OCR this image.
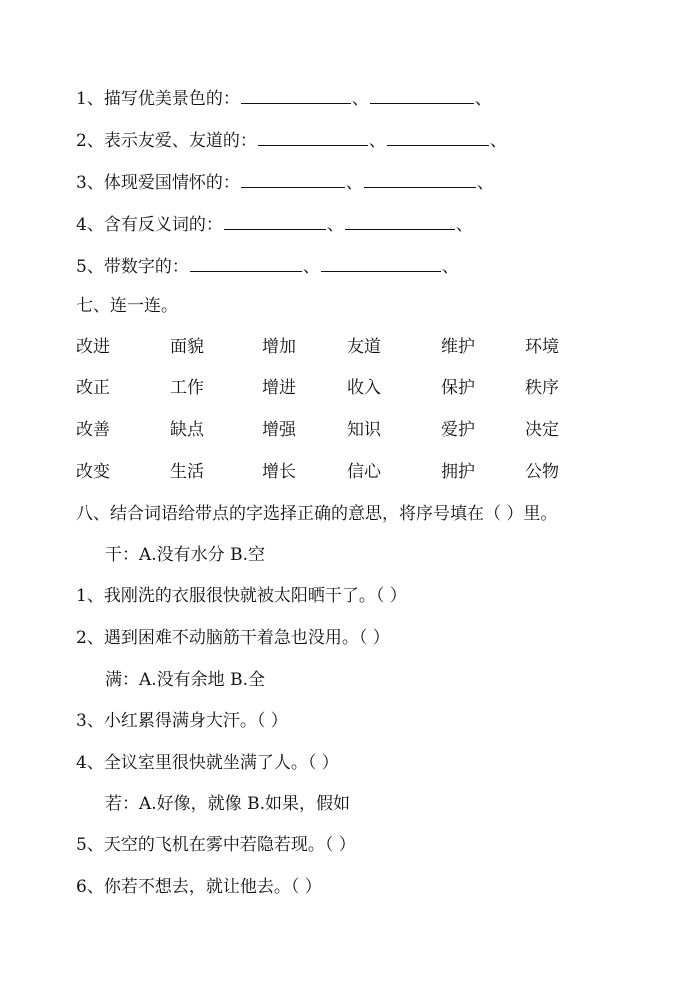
1、描写优美景色的：	、	、
2、表示友爱、友道的：	、	、
3、体现爱国情怀的：	、	、
4、含有反义词的：	、	、
5、带数字的：	、	、
七、连一连。
改进	面貌	增加	友道	维护	环境
改正	工作	增进	收入	保护	秩序
改善	缺点	增强	知识	爱护	决定
改变	生活	增长	信心	拥护	公物
八、结合词语给带点的字选择正确的意思，将序号填在（ ）里。
干：A.没有水分 B.空
1、我刚洗的衣服很快就被太阳晒干了。（ ）
2、遇到困难不动脑筋干着急也没用。（ ）
满：A.没有余地 B.全
3、小红累得满身大汗。（ ）
4、全议室里很快就坐满了人。（ ）
若：A.好像，就像 B.如果，假如
5、天空的飞机在雾中若隐若现。（ ）
6、你若不想去，就让他去。（ ）
